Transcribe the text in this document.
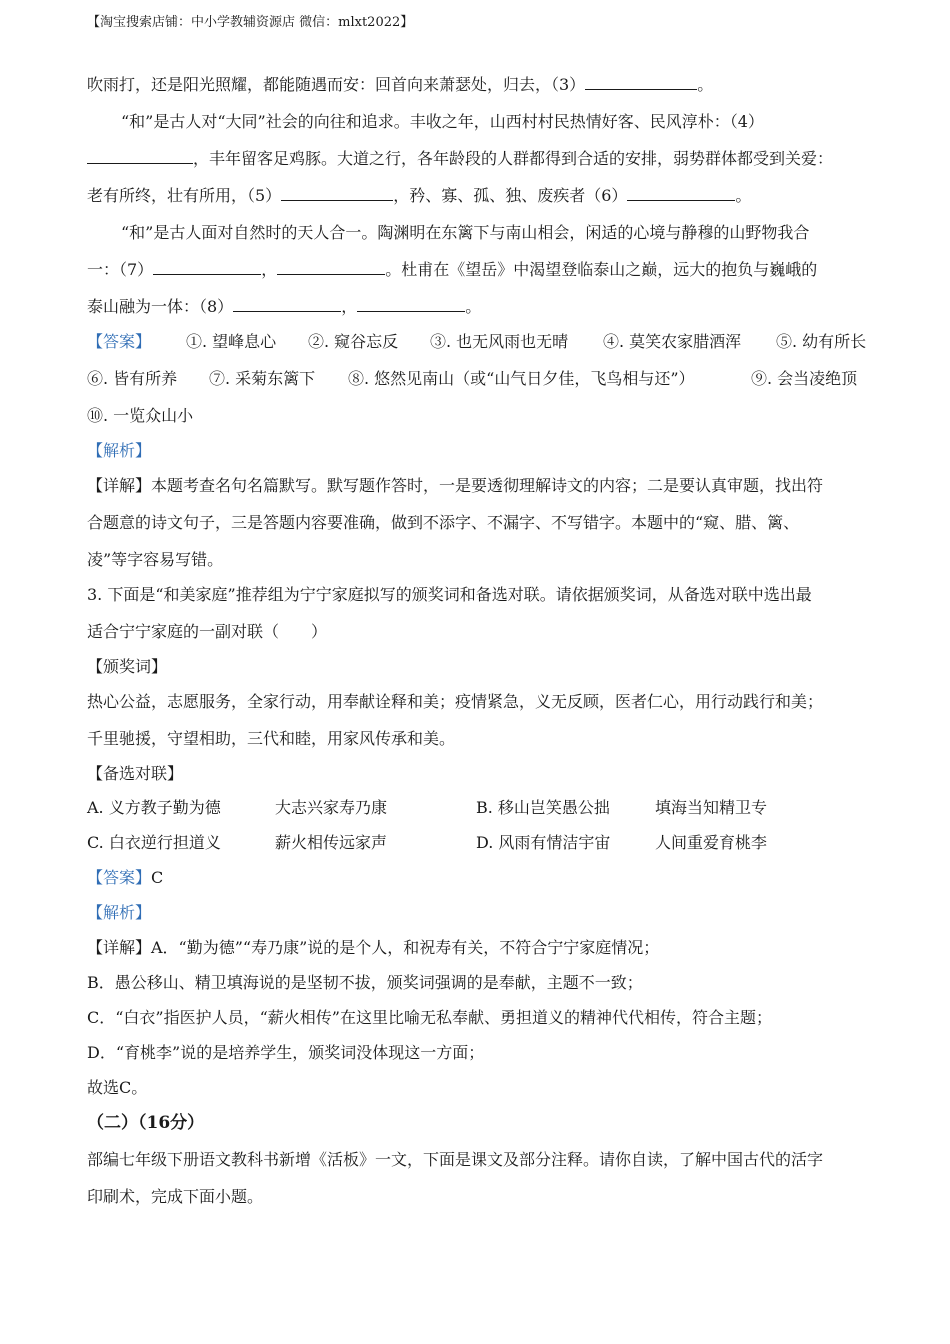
【淘宝搜索店铺：中小学教辅资源店 微信：mlxt2022】
吹雨打，还是阳光照耀，都能随遇而安：回首向来萧瑟处，归去，（3）	。
“和”是古人对“大同”社会的向往和追求。丰收之年，山西村村民热情好客、民风淳朴：（4）
，丰年留客足鸡豚。大道之行，各年龄段的人群都得到合适的安排，弱势群体都受到关爱：
老有所终，壮有所用，（5）	，矜、寡、孤、独、废疾者（6）	。
“和”是古人面对自然时的天人合一。陶渊明在东篱下与南山相会，闲适的心境与静穆的山野物我合
一：（7）	，	。杜甫在《望岳》中渴望登临泰山之巅，远大的抱负与巍峨的
泰山融为一体：（8）	，	。
【答案】 ①. 望峰息心 ②. 窥谷忘反 ③. 也无风雨也无晴 ④. 莫笑农家腊酒浑 ⑤. 幼有所长
⑥. 皆有所养 ⑦. 采菊东篱下 ⑧. 悠然见南山（或“山气日夕佳，飞鸟相与还”）	⑨. 会当凌绝顶
⑩. 一览众山小
【解析】
【详解】本题考查名句名篇默写。默写题作答时，一是要透彻理解诗文的内容；二是要认真审题，找出符
合题意的诗文句子，三是答题内容要准确，做到不添字、不漏字、不写错字。本题中的“窥、腊、篱、
凌”等字容易写错。
3. 下面是“和美家庭”推荐组为宁宁家庭拟写的颁奖词和备选对联。请依据颁奖词，从备选对联中选出最
适合宁宁家庭的一副对联（　　）
【颁奖词】
热心公益，志愿服务，全家行动，用奉献诠释和美；疫情紧急，义无反顾，医者仁心，用行动践行和美；
千里驰援，守望相助，三代和睦，用家风传承和美。
【备选对联】
A. 义方教子勤为德	大志兴家寿乃康	B. 移山岂笑愚公拙	填海当知精卫专
C. 白衣逆行担道义	薪火相传远家声	D. 风雨有情洁宇宙	人间重爱育桃李
【答案】C
【解析】
【详解】A．“勤为德”“寿乃康”说的是个人，和祝寿有关，不符合宁宁家庭情况；
B．愚公移山、精卫填海说的是坚韧不拔，颁奖词强调的是奉献，主题不一致；
C．“白衣”指医护人员，“薪火相传”在这里比喻无私奉献、勇担道义的精神代代相传，符合主题；
D．“育桃李”说的是培养学生，颁奖词没体现这一方面；
故选C。
（二）（16分）
部编七年级下册语文教科书新增《活板》一文，下面是课文及部分注释。请你自读，了解中国古代的活字
印刷术，完成下面小题。
